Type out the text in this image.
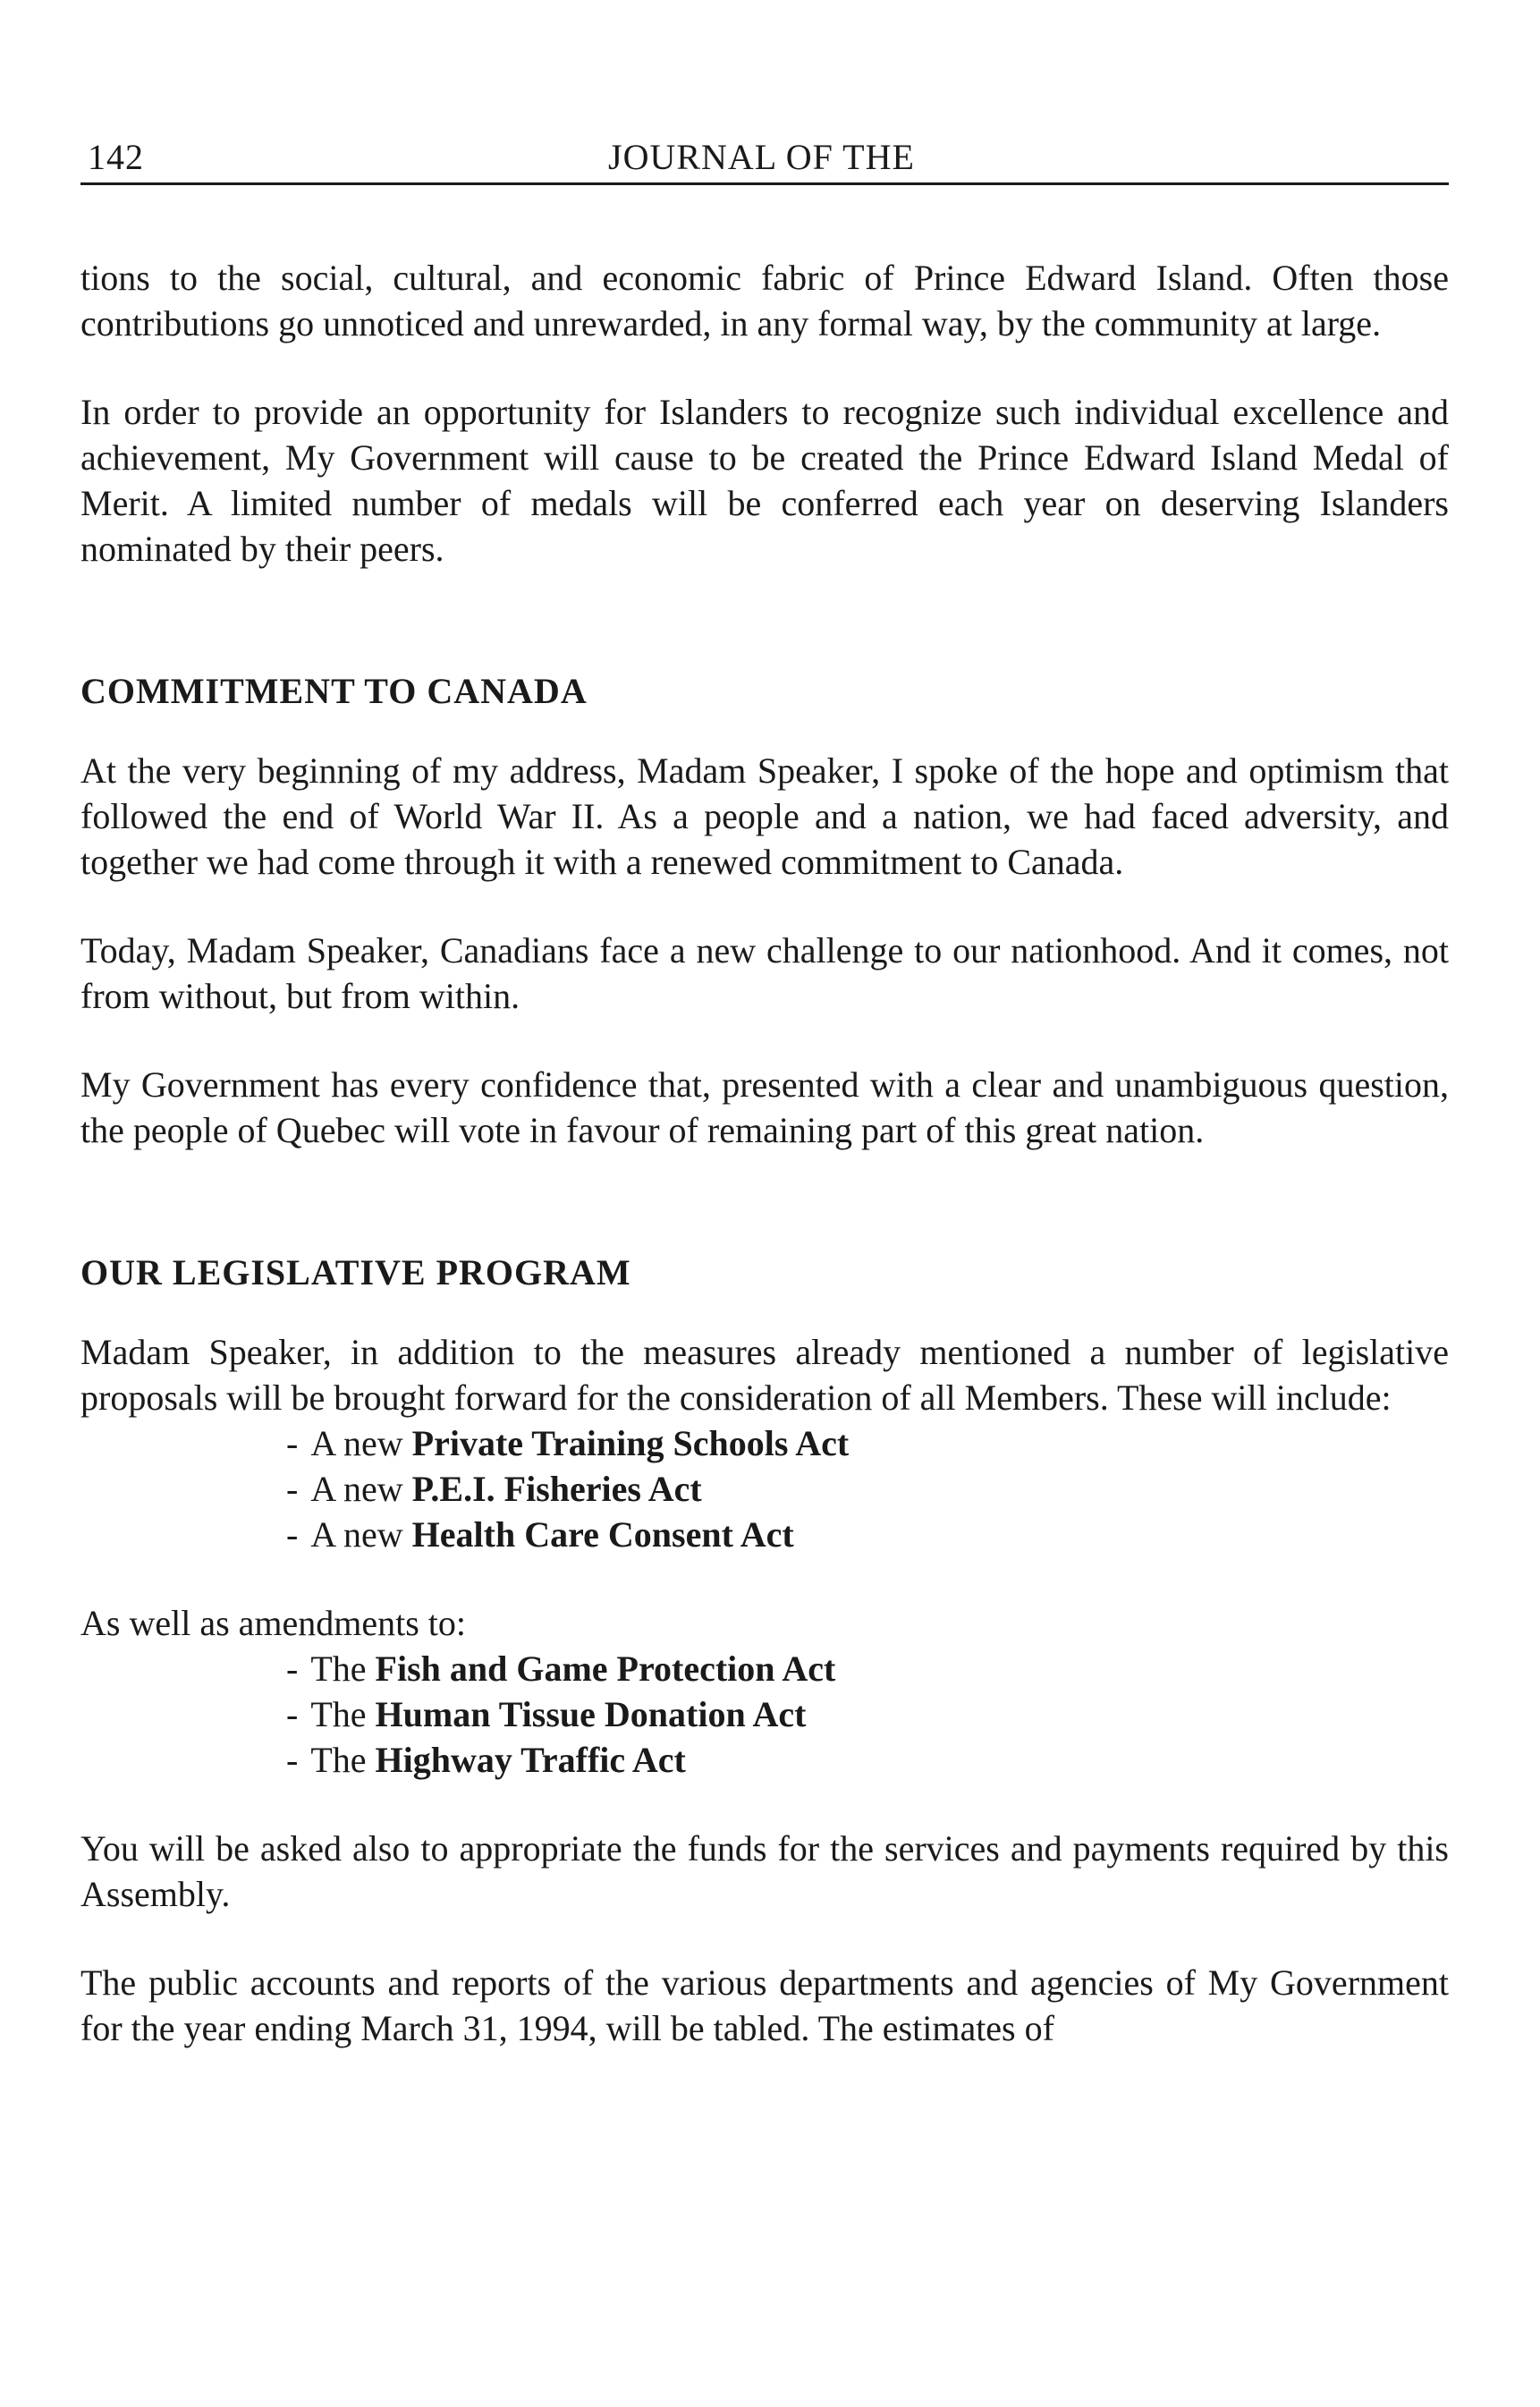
142	JOURNAL OF THE

tions to the social, cultural, and economic fabric of Prince Edward Island. Often those contributions go unnoticed and unrewarded, in any formal way, by the community at large.

In order to provide an opportunity for Islanders to recognize such individual excellence and achievement, My Government will cause to be created the Prince Edward Island Medal of Merit. A limited number of medals will be conferred each year on deserving Islanders nominated by their peers.

COMMITMENT TO CANADA

At the very beginning of my address, Madam Speaker, I spoke of the hope and optimism that followed the end of World War II. As a people and a nation, we had faced adversity, and together we had come through it with a renewed commitment to Canada.

Today, Madam Speaker, Canadians face a new challenge to our nationhood. And it comes, not from without, but from within.

My Government has every confidence that, presented with a clear and unambiguous question, the people of Quebec will vote in favour of remaining part of this great nation.

OUR LEGISLATIVE PROGRAM

Madam Speaker, in addition to the measures already mentioned a number of legislative proposals will be brought forward for the consideration of all Members. These will include:

- A new Private Training Schools Act
- A new P.E.I. Fisheries Act
- A new Health Care Consent Act

As well as amendments to:

- The Fish and Game Protection Act
- The Human Tissue Donation Act
- The Highway Traffic Act

You will be asked also to appropriate the funds for the services and payments required by this Assembly.

The public accounts and reports of the various departments and agencies of My Government for the year ending March 31, 1994, will be tabled. The estimates of
